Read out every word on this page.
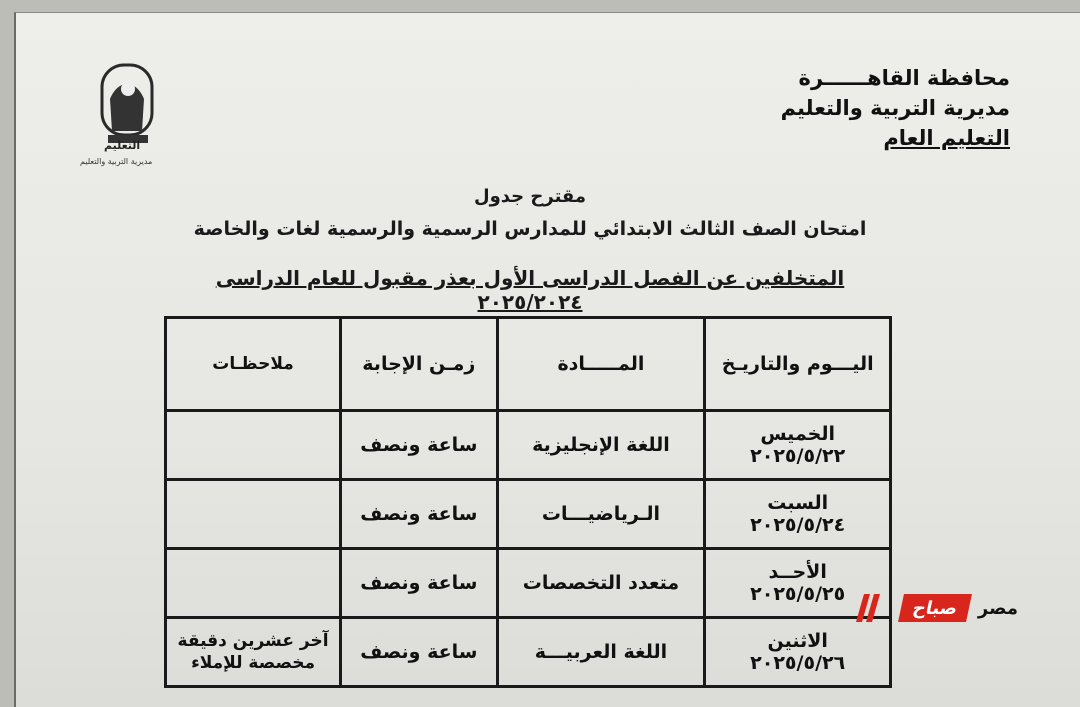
محافظة القاهــــــرة
مديرية التربية والتعليم
التعليم العام
التعليم
مديرية التربية والتعليم
مقترح جدول
امتحان الصف الثالث الابتدائي للمدارس الرسمية والرسمية لغات والخاصة
المتخلفين عن الفصل الدراسى الأول بعذر مقبول للعام الدراسى ٢٠٢٥/٢٠٢٤
اليـــوم والتاريـخ	المـــــادة	زمـن الإجابة	ملاحظـات

الخميس
٢٠٢٥/٥/٢٢	اللغة الإنجليزية	ساعة ونصف	

السبت
٢٠٢٥/٥/٢٤	الـرياضيـــات	ساعة ونصف	

الأحــد
٢٠٢٥/٥/٢٥	متعدد التخصصات	ساعة ونصف	

الاثنين
٢٠٢٥/٥/٢٦	اللغة العربيـــة	ساعة ونصف	آخر عشرين دقيقة مخصصة للإملاء
مصر
صباح
